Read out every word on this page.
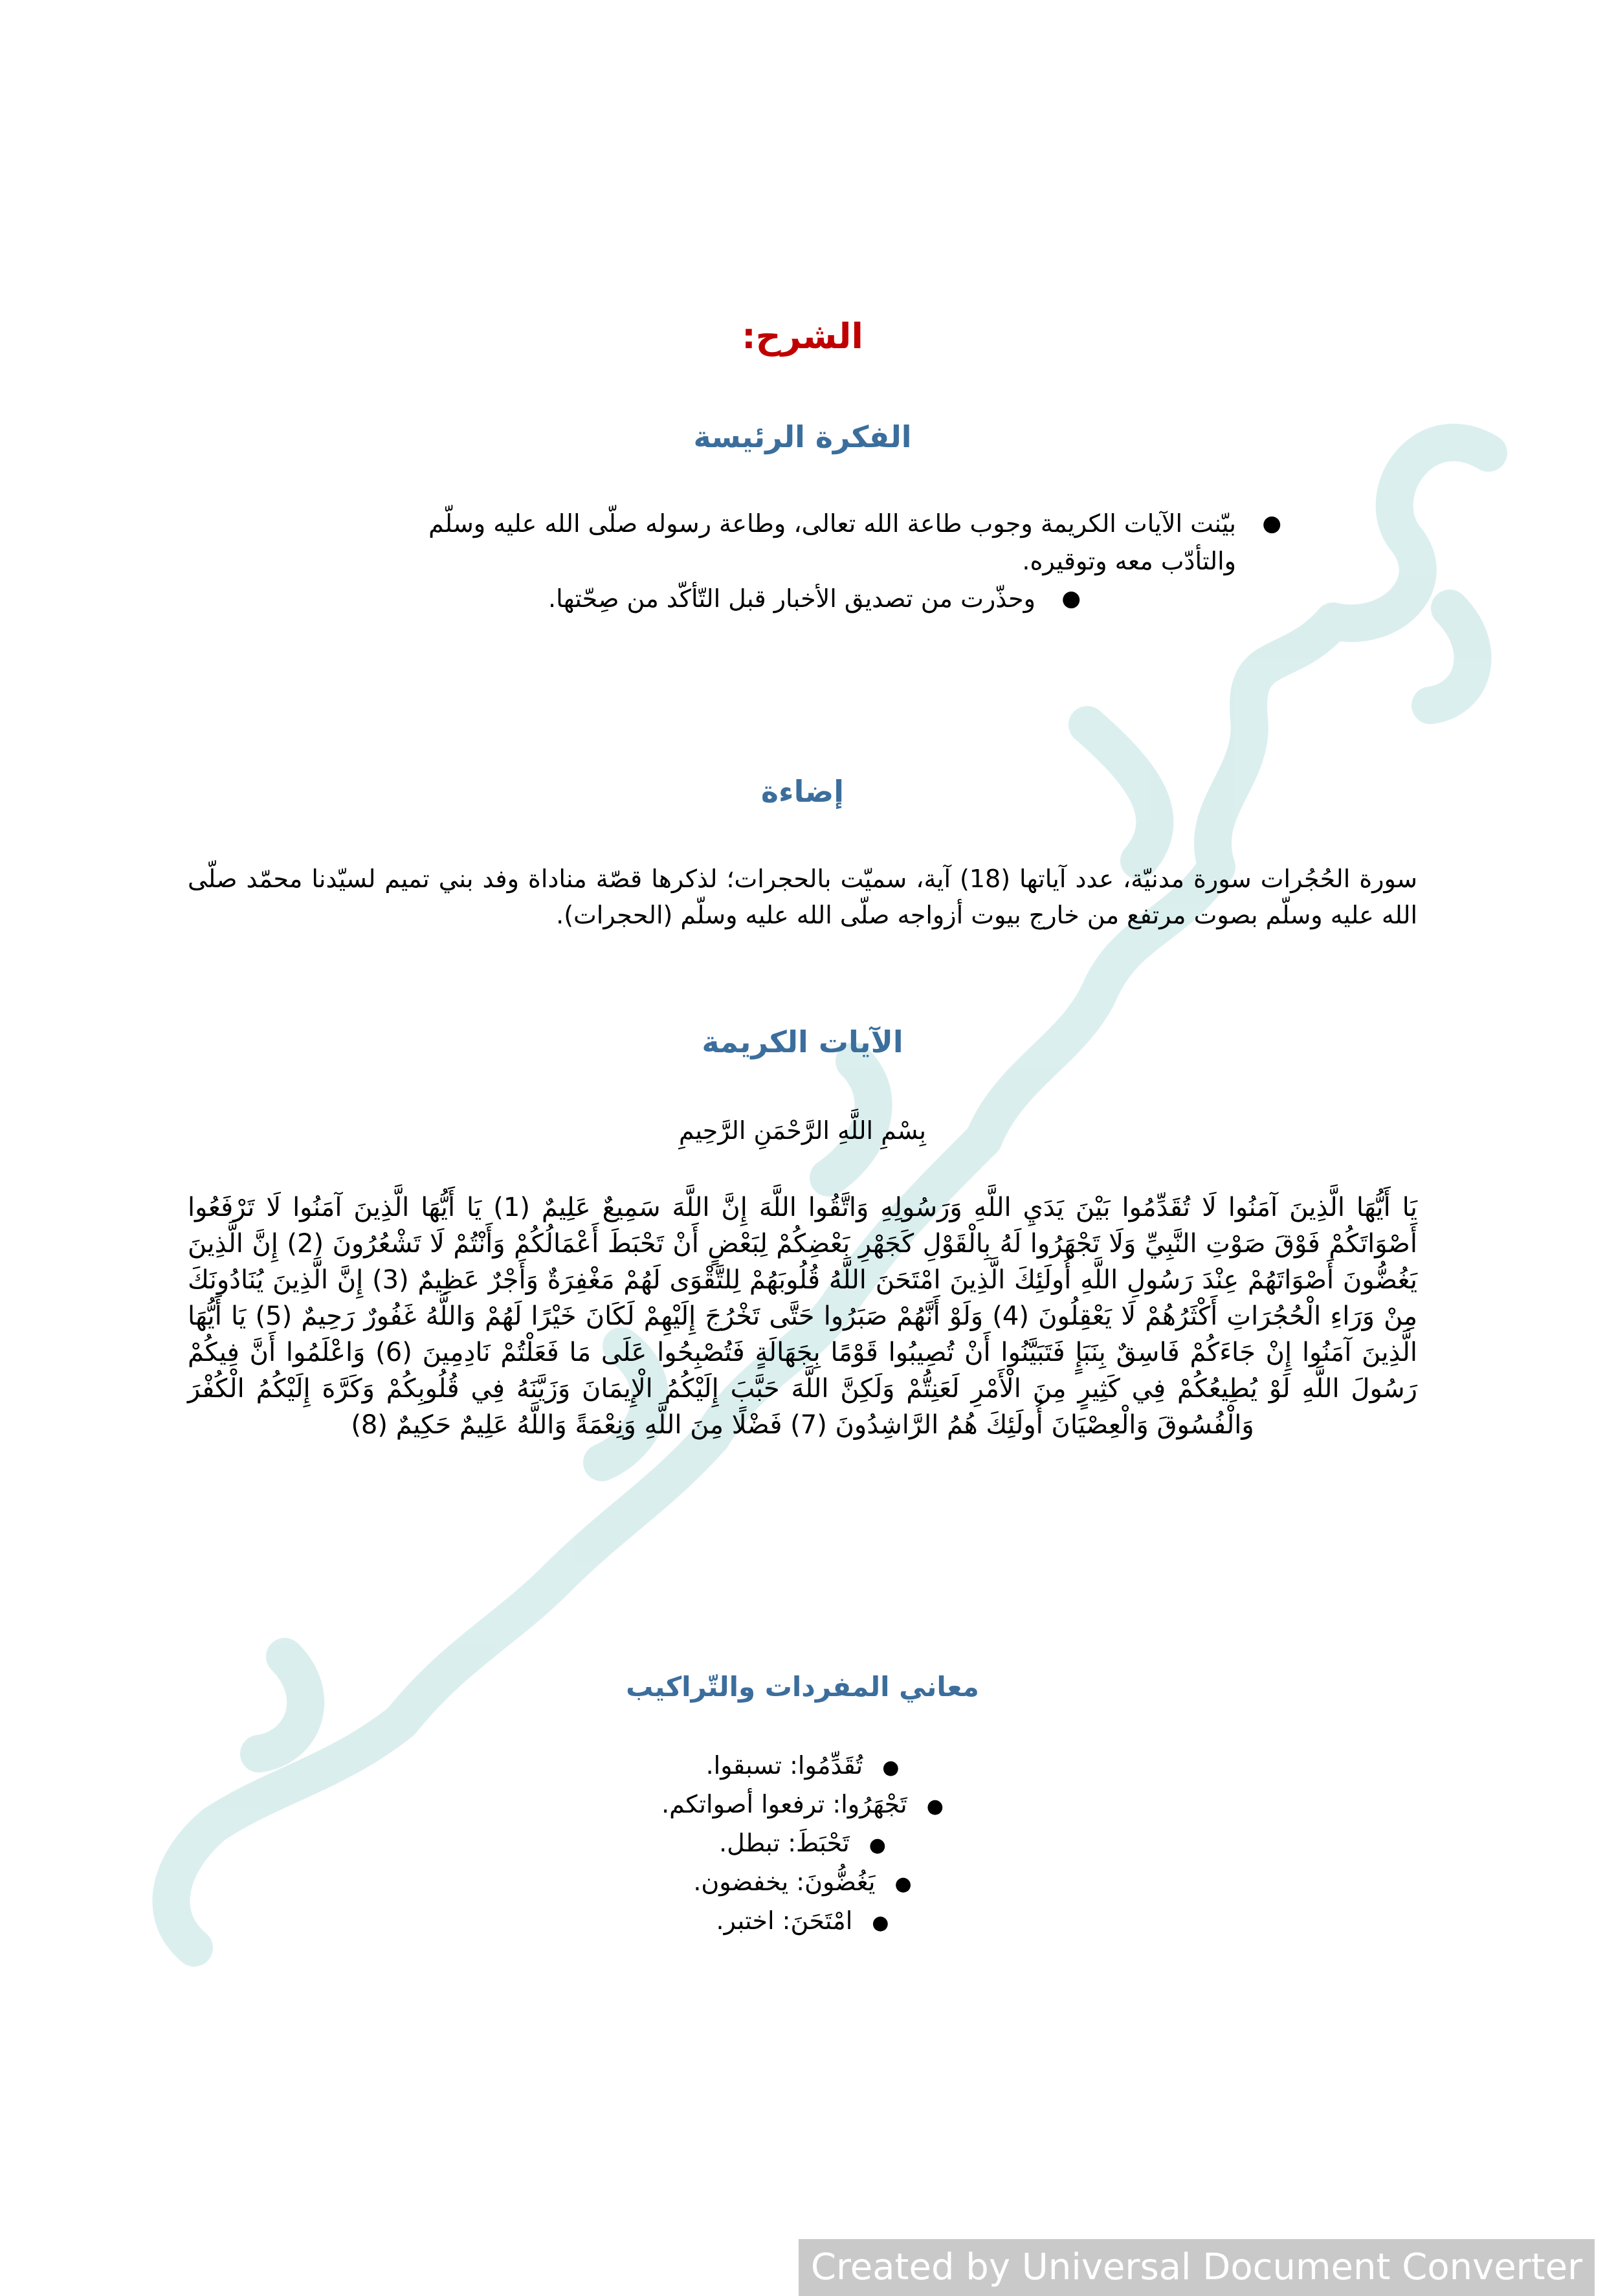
الشرح:
الفكرة الرئيسة
●
بيّنت الآيات الكريمة وجوب طاعة الله تعالى، وطاعة رسوله صلّى الله عليه وسلّم والتأدّب معه وتوقيره.
●
وحذّرت من تصديق الأخبار قبل التّأكّد من صِحّتها.
إضاءة
سورة الحُجُرات سورة مدنيّة، عدد آياتها (18) آية، سميّت بالحجرات؛ لذكرها قصّة مناداة وفد بني تميم لسيّدنا محمّد صلّى الله عليه وسلّم بصوت مرتفع من خارج بيوت أزواجه صلّى الله عليه وسلّم (الحجرات).
الآيات الكريمة
بِسْمِ اللَّهِ الرَّحْمَنِ الرَّحِيمِ
يَا أَيُّهَا الَّذِينَ آمَنُوا لَا تُقَدِّمُوا بَيْنَ يَدَيِ اللَّهِ وَرَسُولِهِ وَاتَّقُوا اللَّهَ إِنَّ اللَّهَ سَمِيعٌ عَلِيمٌ (1) يَا أَيُّهَا الَّذِينَ آمَنُوا لَا تَرْفَعُوا أَصْوَاتَكُمْ فَوْقَ صَوْتِ النَّبِيِّ وَلَا تَجْهَرُوا لَهُ بِالْقَوْلِ كَجَهْرِ بَعْضِكُمْ لِبَعْضٍ أَنْ تَحْبَطَ أَعْمَالُكُمْ وَأَنْتُمْ لَا تَشْعُرُونَ (2) إِنَّ الَّذِينَ يَغُضُّونَ أَصْوَاتَهُمْ عِنْدَ رَسُولِ اللَّهِ أُولَئِكَ الَّذِينَ امْتَحَنَ اللَّهُ قُلُوبَهُمْ لِلتَّقْوَى لَهُمْ مَغْفِرَةٌ وَأَجْرٌ عَظِيمٌ (3) إِنَّ الَّذِينَ يُنَادُونَكَ مِنْ وَرَاءِ الْحُجُرَاتِ أَكْثَرُهُمْ لَا يَعْقِلُونَ (4) وَلَوْ أَنَّهُمْ صَبَرُوا حَتَّى تَخْرُجَ إِلَيْهِمْ لَكَانَ خَيْرًا لَهُمْ وَاللَّهُ غَفُورٌ رَحِيمٌ (5) يَا أَيُّهَا الَّذِينَ آمَنُوا إِنْ جَاءَكُمْ فَاسِقٌ بِنَبَإٍ فَتَبَيَّنُوا أَنْ تُصِيبُوا قَوْمًا بِجَهَالَةٍ فَتُصْبِحُوا عَلَى مَا فَعَلْتُمْ نَادِمِينَ (6) وَاعْلَمُوا أَنَّ فِيكُمْ رَسُولَ اللَّهِ لَوْ يُطِيعُكُمْ فِي كَثِيرٍ مِنَ الْأَمْرِ لَعَنِتُّمْ وَلَكِنَّ اللَّهَ حَبَّبَ إِلَيْكُمُ الْإِيمَانَ وَزَيَّنَهُ فِي قُلُوبِكُمْ وَكَرَّهَ إِلَيْكُمُ الْكُفْرَ وَالْفُسُوقَ وَالْعِصْيَانَ أُولَئِكَ هُمُ الرَّاشِدُونَ (7) فَضْلًا مِنَ اللَّهِ وَنِعْمَةً وَاللَّهُ عَلِيمٌ حَكِيمٌ (8)
معاني المفردات والتّراكيب
●تُقَدِّمُوا: تسبقوا.
●تَجْهَرُوا: ترفعوا أصواتكم.
●تَحْبَطَ: تبطل.
●يَغُضُّونَ: يخفضون.
●امْتَحَنَ: اختبر.
Created by Universal Document Converter
